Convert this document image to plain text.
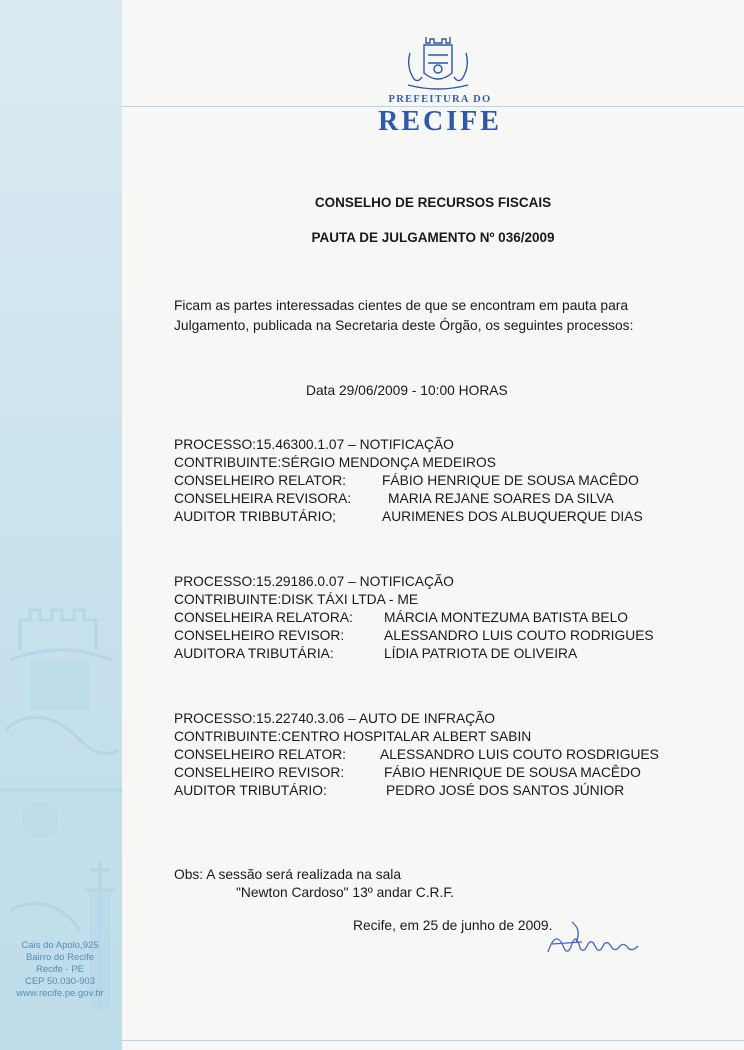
Cais do Apolo,925
Bairro do Recife
Recife - PE
CEP 50.030-903
www.recife.pe.gov.br
PREFEITURA DO
RECIFE
CONSELHO DE RECURSOS FISCAIS
PAUTA DE JULGAMENTO Nº 036/2009
Ficam as partes interessadas cientes de que se encontram em pauta para
Julgamento, publicada na Secretaria deste Órgão, os seguintes processos:
Data 29/06/2009 - 10:00 HORAS
PROCESSO:15.46300.1.07 – NOTIFICAÇÃO
CONTRIBUINTE:SÉRGIO MENDONÇA MEDEIROS
CONSELHEIRO RELATOR:	FÁBIO HENRIQUE DE SOUSA MACÊDO
CONSELHEIRA REVISORA:	MARIA REJANE SOARES DA SILVA
AUDITOR TRIBBUTÁRIO;	AURIMENES DOS ALBUQUERQUE DIAS
PROCESSO:15.29186.0.07 – NOTIFICAÇÃO
CONTRIBUINTE:DISK TÁXI LTDA - ME
CONSELHEIRA RELATORA: MÁRCIA MONTEZUMA BATISTA BELO
CONSELHEIRO REVISOR:	ALESSANDRO LUIS COUTO RODRIGUES
AUDITORA TRIBUTÁRIA:	LÍDIA PATRIOTA DE OLIVEIRA
PROCESSO:15.22740.3.06 – AUTO DE INFRAÇÃO
CONTRIBUINTE:CENTRO HOSPITALAR ALBERT SABIN
CONSELHEIRO RELATOR: ALESSANDRO LUIS COUTO ROSDRIGUES
CONSELHEIRO REVISOR:	FÁBIO HENRIQUE DE SOUSA MACÊDO
AUDITOR TRIBUTÁRIO:	PEDRO JOSÉ DOS SANTOS JÚNIOR
Obs: A sessão será realizada na sala
"Newton Cardoso" 13º andar C.R.F.
Recife, em 25 de junho de 2009.
